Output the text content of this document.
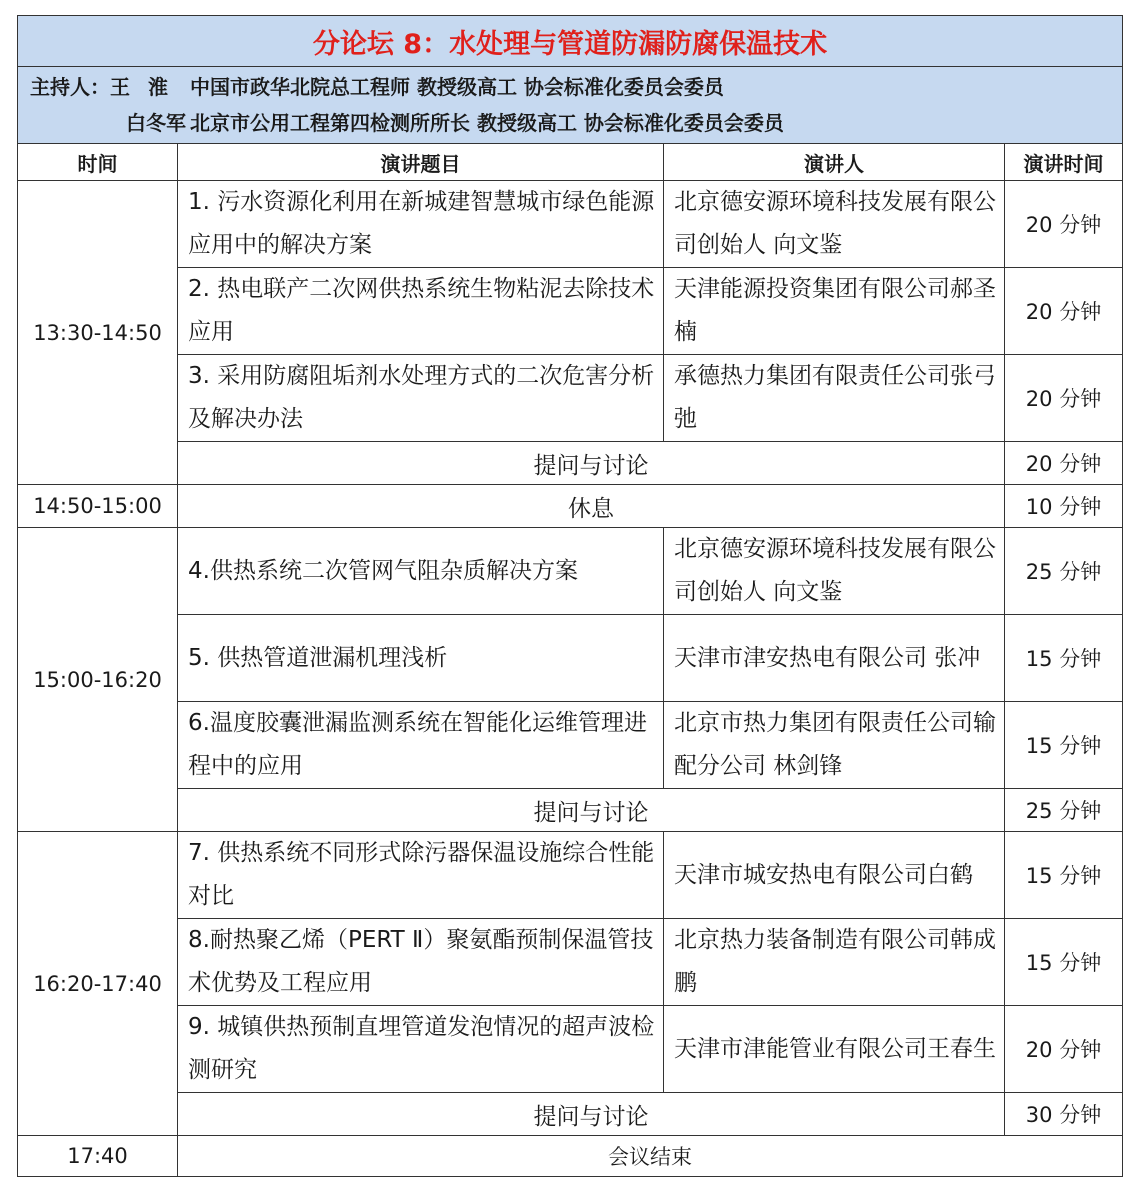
分论坛 8：水处理与管道防漏防腐保温技术			

主持人：王淮 中国市政华北院总工程师 教授级高工 协会标准化委员会委员
白冬军 北京市公用工程第四检测所所长 教授级高工 协会标准化委员会委员			

时间	演讲题目	演讲人	演讲时间
13:30-14:50	1. 污水资源化利用在新城建智慧城市绿色能源应用中的解决方案	北京德安源环境科技发展有限公司创始人 向文鉴	20 分钟
	2. 热电联产二次网供热系统生物粘泥去除技术应用	天津能源投资集团有限公司郝圣楠	20 分钟
	3. 采用防腐阻垢剂水处理方式的二次危害分析及解决办法	承德热力集团有限责任公司张弓弛	20 分钟
	提问与讨论		20 分钟
14:50-15:00	休息		10 分钟
15:00-16:20	4.供热系统二次管网气阻杂质解决方案	北京德安源环境科技发展有限公司创始人 向文鉴	25 分钟
	5. 供热管道泄漏机理浅析	天津市津安热电有限公司 张冲	15 分钟
	6.温度胶囊泄漏监测系统在智能化运维管理进程中的应用	北京市热力集团有限责任公司输配分公司 林剑锋	15 分钟
	提问与讨论		25 分钟
16:20-17:40	7. 供热系统不同形式除污器保温设施综合性能对比	天津市城安热电有限公司白鹤	15 分钟
	8.耐热聚乙烯（PERT Ⅱ）聚氨酯预制保温管技术优势及工程应用	北京热力装备制造有限公司韩成鹏	15 分钟
	9. 城镇供热预制直埋管道发泡情况的超声波检测研究	天津市津能管业有限公司王春生	20 分钟
	提问与讨论		30 分钟
17:40	会议结束		
